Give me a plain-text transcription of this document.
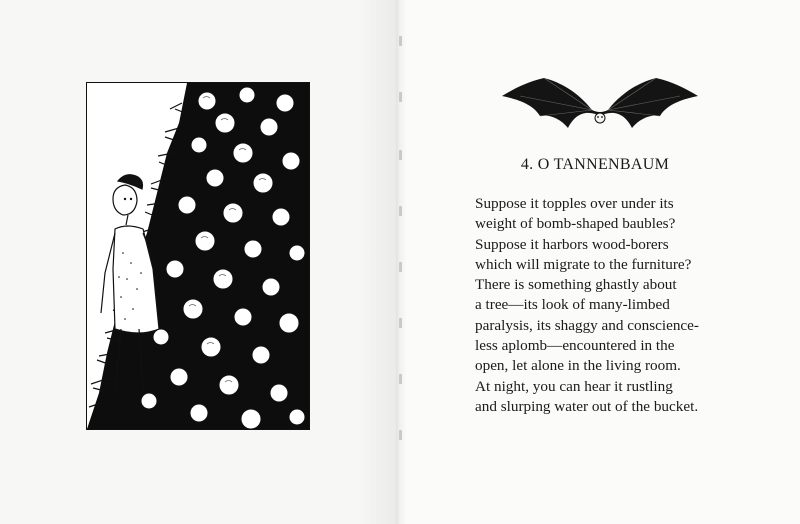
4. O TANNENBAUM
Suppose it topples over under its
weight of bomb-shaped baubles?
Suppose it harbors wood-borers
which will migrate to the furniture?
There is something ghastly about
a tree—its look of many-limbed
paralysis, its shaggy and conscience-
less aplomb—encountered in the
open, let alone in the living room.
At night, you can hear it rustling
and slurping water out of the bucket.
